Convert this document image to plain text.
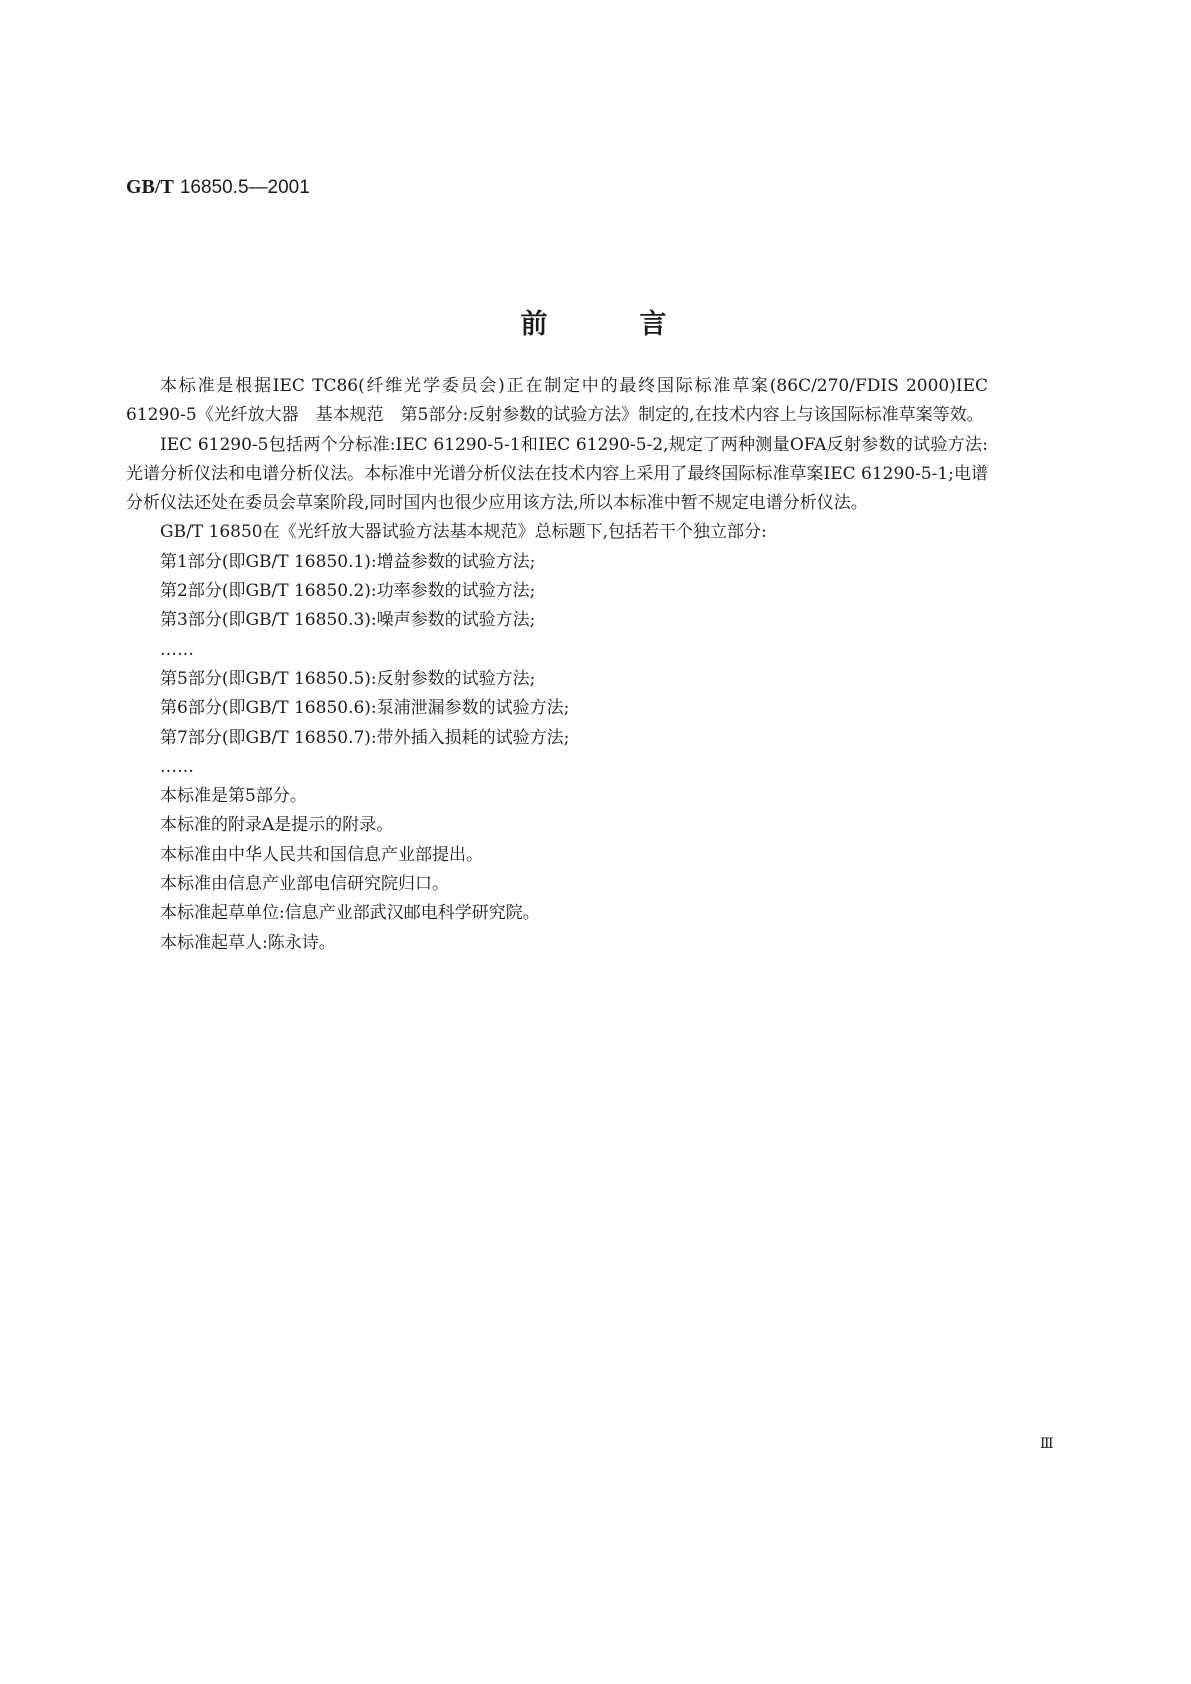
GB/T 16850.5—2001
前	言

本标准是根据IEC TC86(纤维光学委员会)正在制定中的最终国际标准草案(86C/270/FDIS 2000)IEC 61290-5《光纤放大器　基本规范　第5部分:反射参数的试验方法》制定的,在技术内容上与该国际标准草案等效。

IEC 61290-5包括两个分标准:IEC 61290-5-1和IEC 61290-5-2,规定了两种测量OFA反射参数的试验方法:光谱分析仪法和电谱分析仪法。本标准中光谱分析仪法在技术内容上采用了最终国际标准草案IEC 61290-5-1;电谱分析仪法还处在委员会草案阶段,同时国内也很少应用该方法,所以本标准中暂不规定电谱分析仪法。

GB/T 16850在《光纤放大器试验方法基本规范》总标题下,包括若干个独立部分:

第1部分(即GB/T 16850.1):增益参数的试验方法;

第2部分(即GB/T 16850.2):功率参数的试验方法;

第3部分(即GB/T 16850.3):噪声参数的试验方法;

……

第5部分(即GB/T 16850.5):反射参数的试验方法;

第6部分(即GB/T 16850.6):泵浦泄漏参数的试验方法;

第7部分(即GB/T 16850.7):带外插入损耗的试验方法;

……

本标准是第5部分。

本标准的附录A是提示的附录。

本标准由中华人民共和国信息产业部提出。

本标准由信息产业部电信研究院归口。

本标准起草单位:信息产业部武汉邮电科学研究院。

本标准起草人:陈永诗。

Ⅲ
